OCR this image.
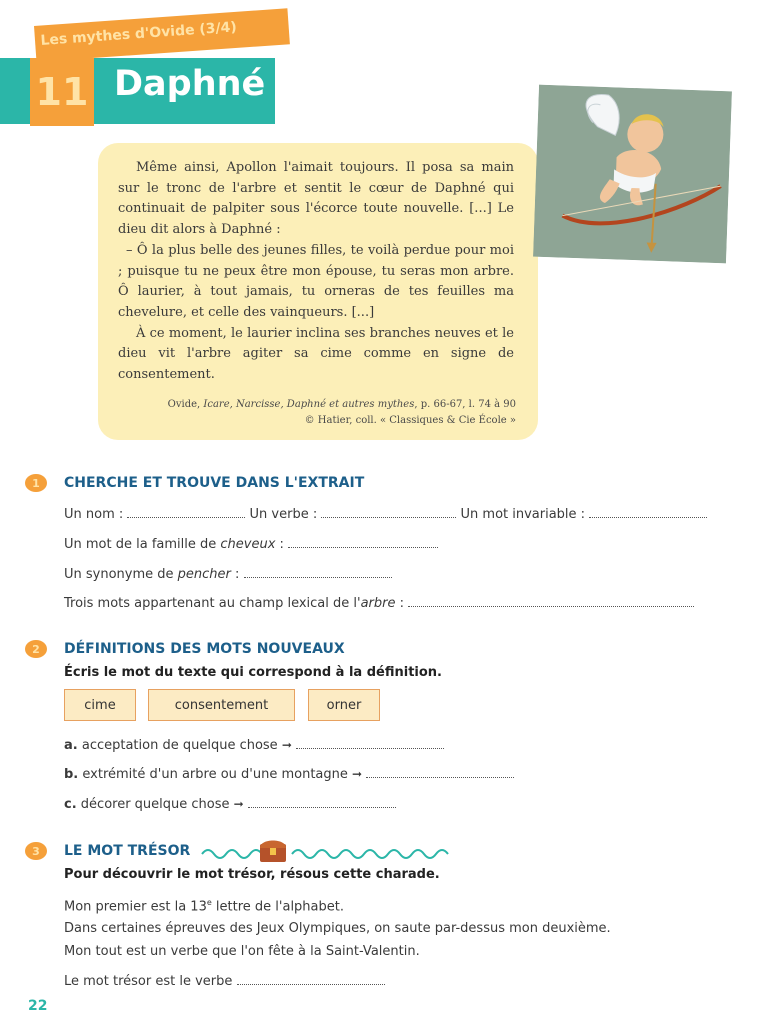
Les mythes d'Ovide (3/4)
11 Daphné

Même ainsi, Apollon l'aimait toujours. Il posa sa main sur le tronc de l'arbre et sentit le cœur de Daphné qui continuait de palpiter sous l'écorce toute nouvelle. [...] Le dieu dit alors à Daphné :

– Ô la plus belle des jeunes filles, te voilà perdue pour moi ; puisque tu ne peux être mon épouse, tu seras mon arbre. Ô laurier, à tout jamais, tu orneras de tes feuilles ma chevelure, et celle des vainqueurs. [...]

À ce moment, le laurier inclina ses branches neuves et le dieu vit l'arbre agiter sa cime comme en signe de consentement.

Ovide, Icare, Narcisse, Daphné et autres mythes, p. 66-67, l. 74 à 90
© Hatier, coll. « Classiques & Cie École »
1	CHERCHE ET TROUVE DANS L'EXTRAIT
Un nom :	Un verbe :	Un mot invariable :
Un mot de la famille de cheveux :
Un synonyme de pencher :
Trois mots appartenant au champ lexical de l'arbre :
2	DÉFINITIONS DES MOTS NOUVEAUX
Écris le mot du texte qui correspond à la définition.
cime	consentement	orner
a. acceptation de quelque chose ➞
b. extrémité d'un arbre ou d'une montagne ➞
c. décorer quelque chose ➞
3	LE MOT TRÉSOR
Pour découvrir le mot trésor, résous cette charade.
Mon premier est la 13e lettre de l'alphabet.
Dans certaines épreuves des Jeux Olympiques, on saute par-dessus mon deuxième.
Mon tout est un verbe que l'on fête à la Saint-Valentin.
Le mot trésor est le verbe
22
